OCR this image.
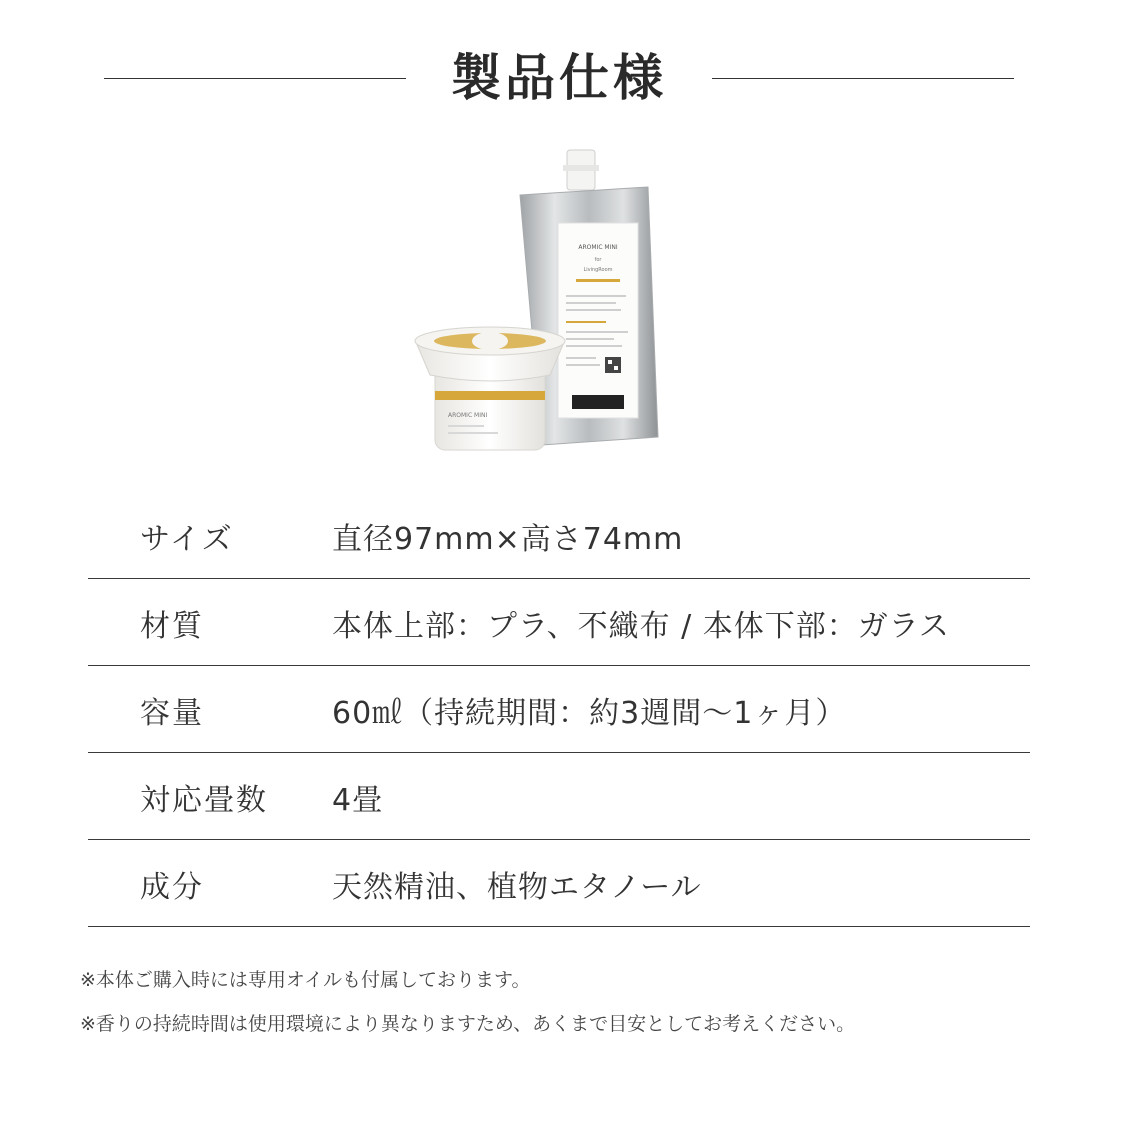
製品仕様
AROMIC MINI
for
LivingRoom
AROMIC MINI
サイズ	直径97mm×高さ74mm
材質	本体上部：プラ、不織布 / 本体下部：ガラス
容量	60㎖（持続期間：約3週間〜1ヶ月）
対応畳数 4畳
成分	天然精油、植物エタノール
※本体ご購入時には専用オイルも付属しております。
※香りの持続時間は使用環境により異なりますため、あくまで目安としてお考えください。
